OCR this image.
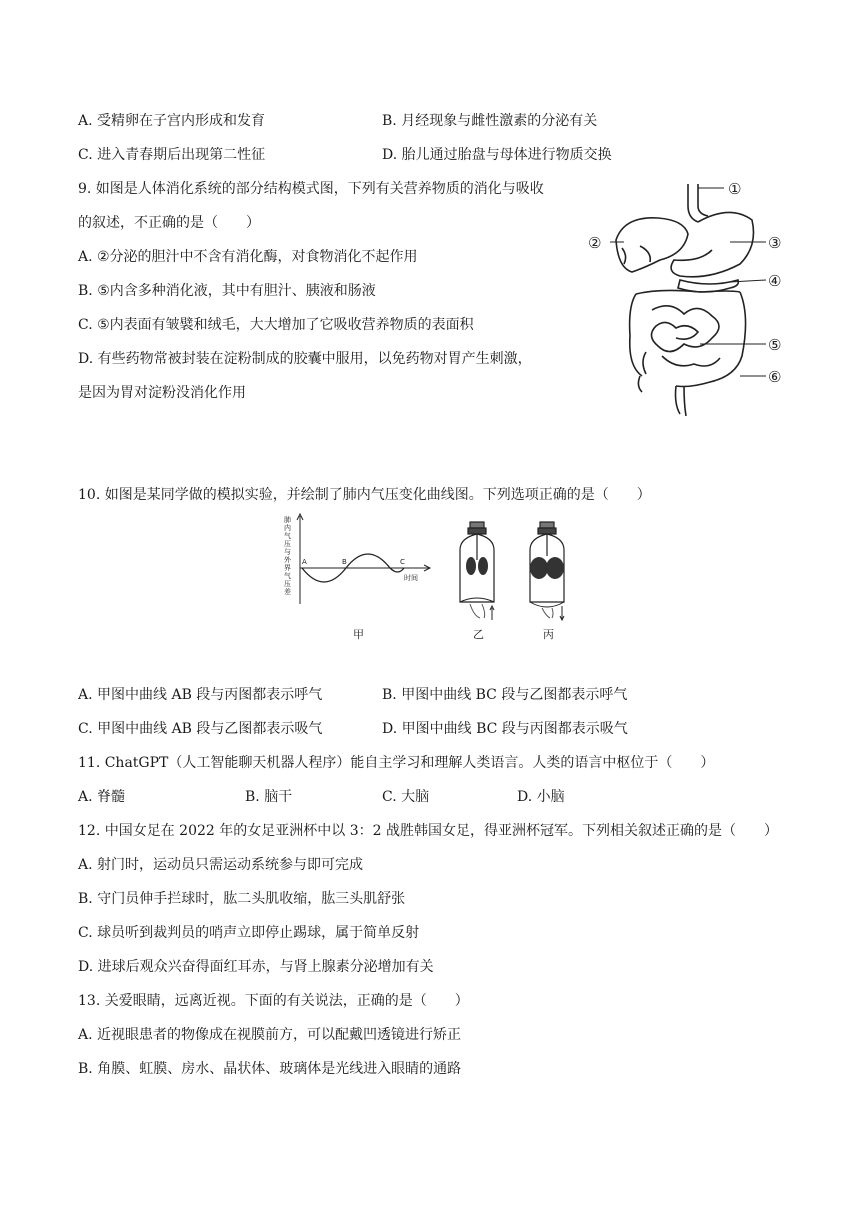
A. 受精卵在子宫内形成和发育	B. 月经现象与雌性激素的分泌有关
C. 进入青春期后出现第二性征	D. 胎儿通过胎盘与母体进行物质交换
9. 如图是人体消化系统的部分结构模式图，下列有关营养物质的消化与吸收
的叙述，不正确的是（　　）
A. ②分泌的胆汁中不含有消化酶，对食物消化不起作用
B. ⑤内含多种消化液，其中有胆汁、胰液和肠液
C. ⑤内表面有皱襞和绒毛，大大增加了它吸收营养物质的表面积
D. 有些药物常被封装在淀粉制成的胶囊中服用，以免药物对胃产生刺激，
是因为胃对淀粉没消化作用
①
②	③
④
⑤
⑥
10. 如图是某同学做的模拟实验，并绘制了肺内气压变化曲线图。下列选项正确的是（　　）
A	B	C
时间
肺内气压与外界气压差
甲	乙	丙
A. 甲图中曲线 AB 段与丙图都表示呼气	B. 甲图中曲线 BC 段与乙图都表示呼气
C. 甲图中曲线 AB 段与乙图都表示吸气	D. 甲图中曲线 BC 段与丙图都表示吸气
11. ChatGPT（人工智能聊天机器人程序）能自主学习和理解人类语言。人类的语言中枢位于（　　）
A. 脊髓	B. 脑干	C. 大脑	D. 小脑
12. 中国女足在 2022 年的女足亚洲杯中以 3：2 战胜韩国女足，得亚洲杯冠军。下列相关叙述正确的是（　　）
A. 射门时，运动员只需运动系统参与即可完成
B. 守门员伸手拦球时，肱二头肌收缩，肱三头肌舒张
C. 球员听到裁判员的哨声立即停止踢球，属于简单反射
D. 进球后观众兴奋得面红耳赤，与肾上腺素分泌增加有关
13. 关爱眼睛，远离近视。下面的有关说法，正确的是（　　）
A. 近视眼患者的物像成在视膜前方，可以配戴凹透镜进行矫正
B. 角膜、虹膜、房水、晶状体、玻璃体是光线进入眼睛的通路
